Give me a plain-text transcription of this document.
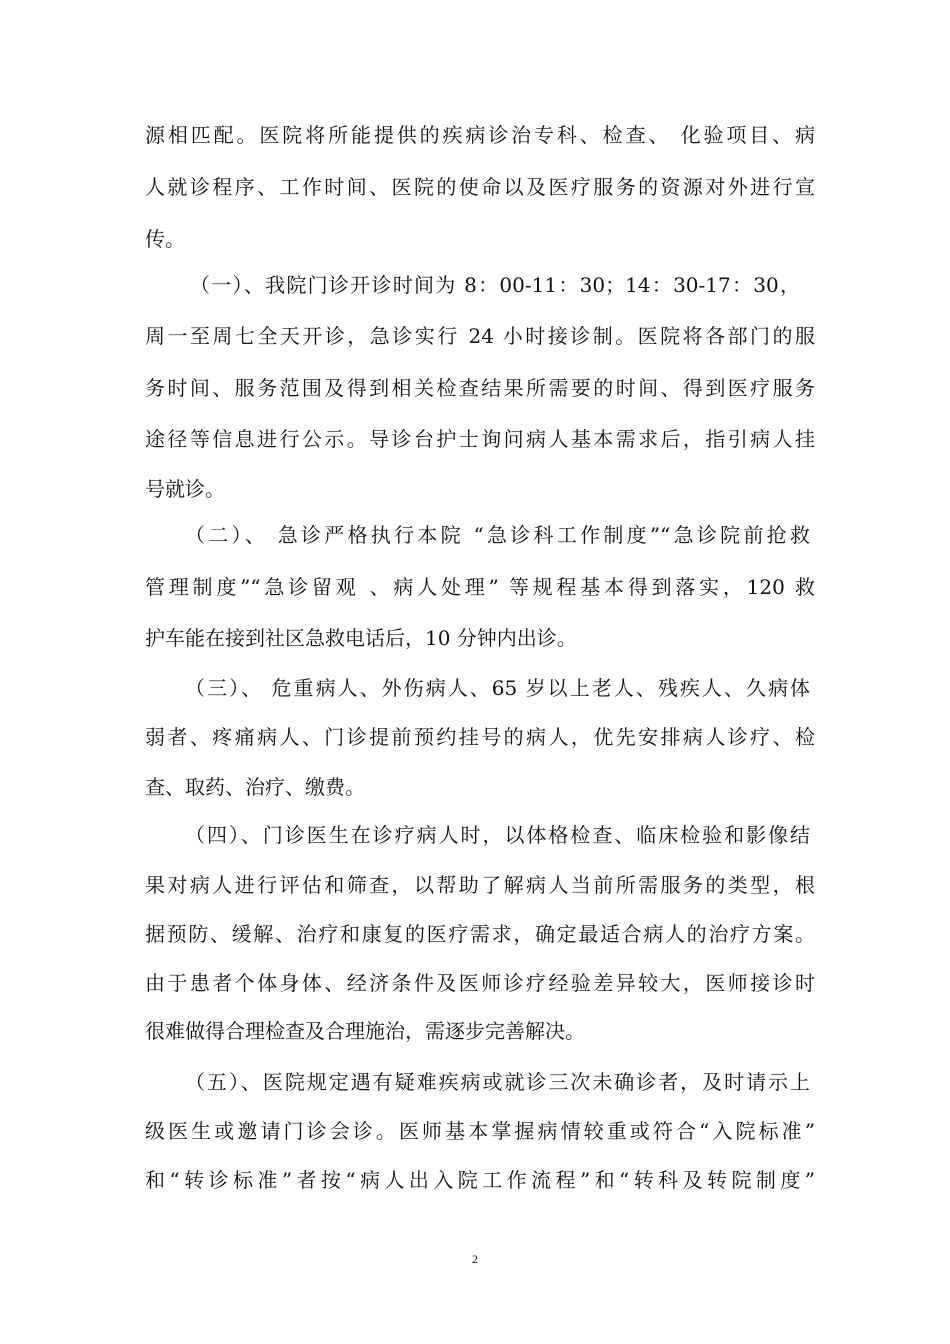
源相匹配。医院将所能提供的疾病诊治专科、检查、 化验项目、病
人就诊程序、工作时间、医院的使命以及医疗服务的资源对外进行宣
传。
（一）、我院门诊开诊时间为 8：00-11：30；14：30-17：30，
周一至周七全天开诊，急诊实行 24 小时接诊制。医院将各部门的服
务时间、服务范围及得到相关检查结果所需要的时间、得到医疗服务
途径等信息进行公示。导诊台护士询问病人基本需求后，指引病人挂
号就诊。
（二）、 急诊严格执行本院 “急诊科工作制度”“急诊院前抢救
管理制度”“急诊留观 、病人处理” 等规程基本得到落实，120 救
护车能在接到社区急救电话后，10 分钟内出诊。
（三）、 危重病人、外伤病人、65 岁以上老人、残疾人、久病体
弱者、疼痛病人、门诊提前预约挂号的病人，优先安排病人诊疗、检
查、取药、治疗、缴费。
（四）、门诊医生在诊疗病人时，以体格检查、临床检验和影像结
果对病人进行评估和筛查，以帮助了解病人当前所需服务的类型，根
据预防、缓解、治疗和康复的医疗需求，确定最适合病人的治疗方案。
由于患者个体身体、经济条件及医师诊疗经验差异较大，医师接诊时
很难做得合理检查及合理施治，需逐步完善解决。
（五）、医院规定遇有疑难疾病或就诊三次未确诊者，及时请示上
级医生或邀请门诊会诊。医师基本掌握病情较重或符合“入院标准”
和“转诊标准”者按“病人出入院工作流程”和“转科及转院制度”
2
